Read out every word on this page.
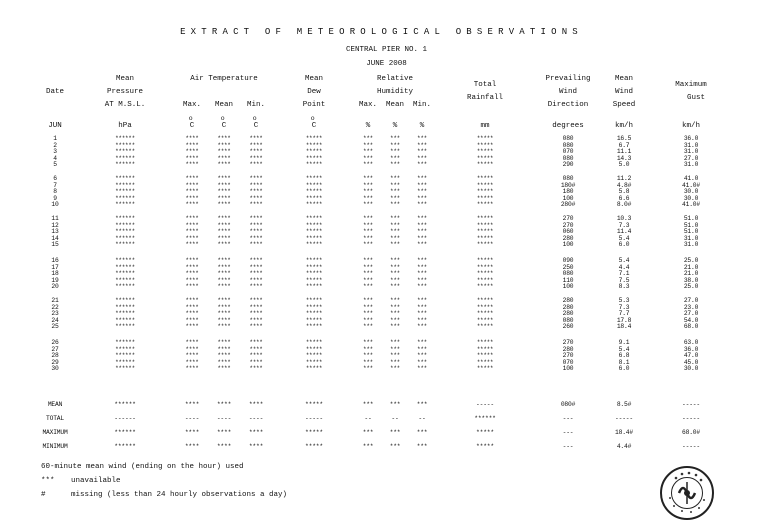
EXTRACT OF METEOROLOGICAL OBSERVATIONS
CENTRAL PIER NO. 1
JUNE 2008
Date
Mean
Pressure
AT M.S.L.
Air Temperature
Max.	Mean	Min.
Mean
Dew
Point
Relative
Humidity
Max.	Mean	Min.
Total
Rainfall
Prevailing
Wind
Direction
Mean
Wind
Speed
Maximum
Gust
JUN	hPa
o
C
o
C
o
C
o
C	%	%	%	mm	degrees	km/h	km/h
1	******	****	****	****	*****	***	***	***	*****	080	16.5	36.0
2	******	****	****	****	*****	***	***	***	*****	080	6.7	31.0
3	******	****	****	****	*****	***	***	***	*****	070	11.1	31.0
4	******	****	****	****	*****	***	***	***	*****	080	14.3	27.0
5	******	****	****	****	*****	***	***	***	*****	290	5.0	31.0
6	******	****	****	****	*****	***	***	***	*****	080	11.2	41.0
7	******	****	****	****	*****	***	***	***	*****	180#	4.8#	41.0#
8	******	****	****	****	*****	***	***	***	*****	180	5.8	30.0
9	******	****	****	****	*****	***	***	***	*****	100	6.6	30.0
10	******	****	****	****	*****	***	***	***	*****	280#	8.0#	41.0#
11	******	****	****	****	*****	***	***	***	*****	270	10.3	51.0
12	******	****	****	****	*****	***	***	***	*****	270	7.3	51.0
13	******	****	****	****	*****	***	***	***	*****	060	11.4	51.0
14	******	****	****	****	*****	***	***	***	*****	280	5.4	31.0
15	******	****	****	****	*****	***	***	***	*****	100	6.0	31.0
16	******	****	****	****	*****	***	***	***	*****	090	5.4	25.0
17	******	****	****	****	*****	***	***	***	*****	250	4.4	21.0
18	******	****	****	****	*****	***	***	***	*****	080	7.1	21.0
19	******	****	****	****	*****	***	***	***	*****	110	7.5	38.0
20	******	****	****	****	*****	***	***	***	*****	100	8.3	25.0
21	******	****	****	****	*****	***	***	***	*****	280	5.3	27.0
22	******	****	****	****	*****	***	***	***	*****	280	7.3	23.0
23	******	****	****	****	*****	***	***	***	*****	280	7.7	27.0
24	******	****	****	****	*****	***	***	***	*****	080	17.8	54.0
25	******	****	****	****	*****	***	***	***	*****	260	18.4	68.0
26	******	****	****	****	*****	***	***	***	*****	270	9.1	63.0
27	******	****	****	****	*****	***	***	***	*****	280	5.4	36.0
28	******	****	****	****	*****	***	***	***	*****	270	6.8	47.0
29	******	****	****	****	*****	***	***	***	*****	070	8.1	45.0
30	******	****	****	****	*****	***	***	***	*****	100	6.0	30.0
MEAN	******	****	****	****	*****	***	***	***	-----	080#	8.5#	-----
TOTAL	------	----	----	----	-----	--	--	--	******	---	-----	-----
MAXIMUM	******	****	****	****	*****	***	***	***	*****	---	18.4#	68.0#
MINIMUM	******	****	****	****	*****	***	***	***	*****	---	4.4#	-----
60-minute mean wind (ending on the hour) used
*** unavailable
#	missing (less than 24 hourly observations a day)
